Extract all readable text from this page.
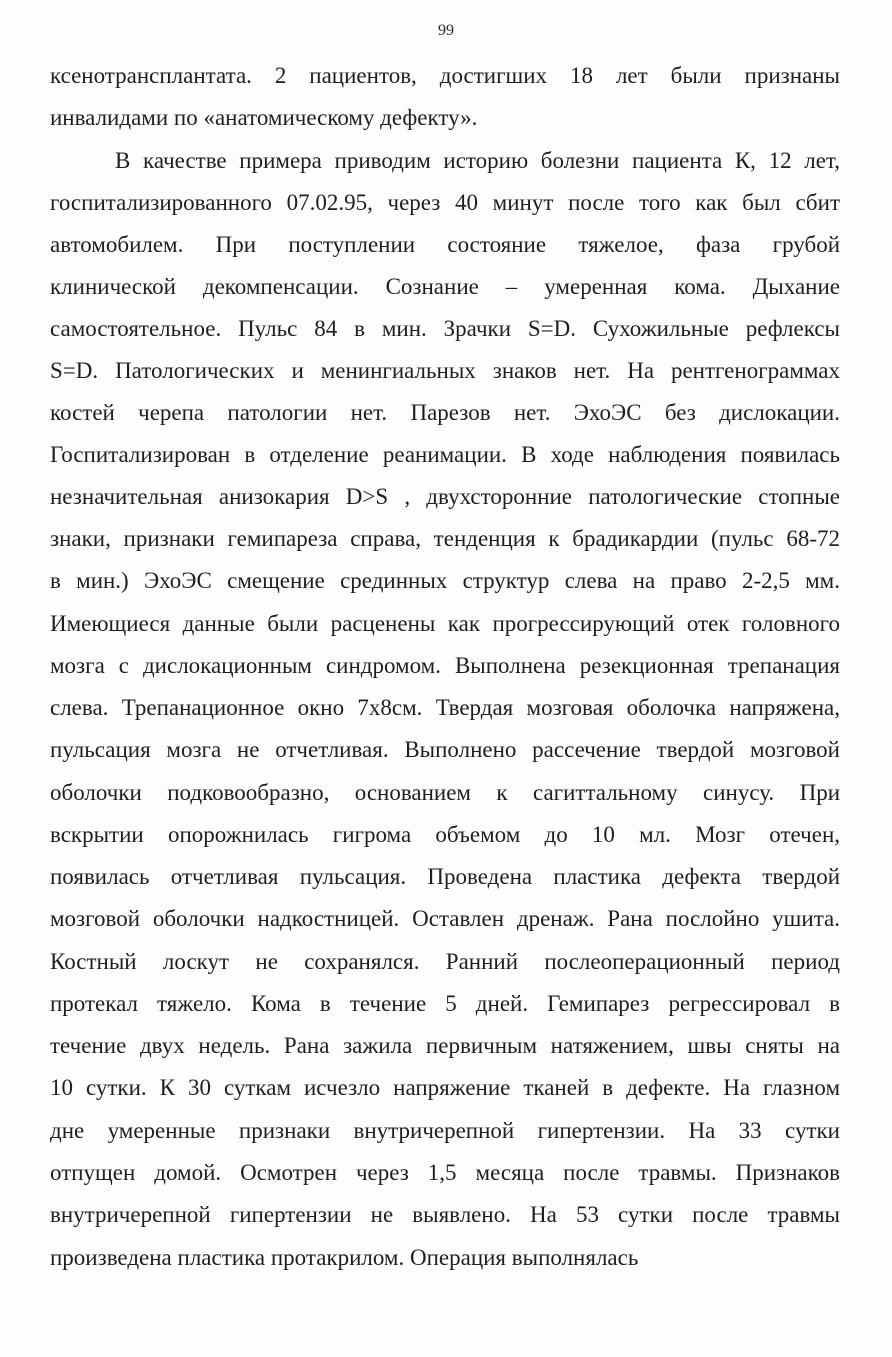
99
ксенотрансплантата. 2 пациентов, достигших 18 лет были признаны
инвалидами по «анатомическому дефекту».
В качестве примера приводим историю болезни пациента К, 12 лет,
госпитализированного 07.02.95, через 40 минут после того как был сбит
автомобилем. При поступлении состояние тяжелое, фаза грубой
клинической декомпенсации. Сознание – умеренная кома. Дыхание
самостоятельное. Пульс 84 в мин. Зрачки S=D. Сухожильные рефлексы
S=D. Патологических и менингиальных знаков нет. На рентгенограммах
костей черепа патологии нет. Парезов нет. ЭхоЭС без дислокации.
Госпитализирован в отделение реанимации. В ходе наблюдения появилась
незначительная анизокария D>S , двухсторонние патологические стопные
знаки, признаки гемипареза справа, тенденция к брадикардии (пульс 68-72
в мин.) ЭхоЭС смещение срединных структур слева на право 2-2,5 мм.
Имеющиеся данные были расценены как прогрессирующий отек головного
мозга с дислокационным синдромом. Выполнена резекционная трепанация
слева. Трепанационное окно 7х8см. Твердая мозговая оболочка напряжена,
пульсация мозга не отчетливая. Выполнено рассечение твердой мозговой
оболочки подковообразно, основанием к сагиттальному синусу. При
вскрытии опорожнилась гигрома объемом до 10 мл. Мозг отечен,
появилась отчетливая пульсация. Проведена пластика дефекта твердой
мозговой оболочки надкостницей. Оставлен дренаж. Рана послойно ушита.
Костный лоскут не сохранялся. Ранний послеоперационный период
протекал тяжело. Кома в течение 5 дней. Гемипарез регрессировал в
течение двух недель. Рана зажила первичным натяжением, швы сняты на
10 сутки. К 30 суткам исчезло напряжение тканей в дефекте. На глазном
дне умеренные признаки внутричерепной гипертензии. На 33 сутки
отпущен домой. Осмотрен через 1,5 месяца после травмы. Признаков
внутричерепной гипертензии не выявлено. На 53 сутки после травмы
произведена пластика протакрилом. Операция выполнялась
